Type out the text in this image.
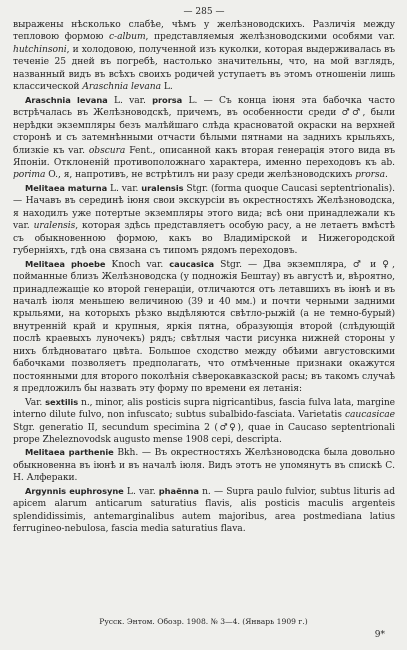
— 285 —

выражены нѣсколько слабѣе, чѣмъ у желѣзноводскихъ. Различія между тепловою формою c-album, представляемыя желѣзноводскими особями var. hutchinsoni, и холодовою, полученной изъ куколки, которая выдерживалась въ теченіе 25 дней въ погребѣ, настолько значительны, что, на мой взглядъ, названный видъ въ всѣхъ своихъ родичей уступаетъ въ этомъ отношеніи лишь классической Araschnia levana L.

Araschnia levana L. var. prorsa L. — Съ конца іюня эта бабочка часто встрѣчалась въ Желѣзноводскѣ, причемъ, въ особенности среди ♂♂, были нерѣдки экземпляры безъ малѣйшаго слѣда красноватой окраски на верхней сторонѣ и съ затемнѣнными отчасти бѣлыми пятнами на заднихъ крыльяхъ, близкіе къ var. obscura Fent., описанной какъ вторая генерація этого вида въ Японіи. Отклоненій противоположнаго характера, именно переходовъ къ ab. porima O., я, напротивъ, не встрѣтилъ ни разу среди желѣзноводскихъ prorsa.

Melitaea maturna L. var. uralensis Stgr. (forma quoque Caucasi septentrionalis). — Начавъ въ серединѣ іюня свои экскурсіи въ окрестностяхъ Желѣзноводска, я находилъ уже потертые экземпляры этого вида; всѣ они принадлежали къ var. uralensis, которая здѣсь представляетъ особую расу, а не летаетъ вмѣстѣ съ обыкновенною формою, какъ во Владимірской и Нижегородской губерніяхъ, гдѣ она связана съ типомъ рядомъ переходовъ.

Melitaea phoebe Knoch var. caucasica Stgr. — Два экземпляра, ♂ и ♀, пойманные близъ Желѣзноводска (у подножія Бештау) въ августѣ и, вѣроятно, принадлежащіе ко второй генераціи, отличаются отъ летавшихъ въ іюнѣ и въ началѣ іюля меньшею величиною (39 и 40 мм.) и почти черными задними крыльями, на которыхъ рѣзко выдѣляются свѣтло-рыжій (а не темно-бурый) внутренній край и крупныя, яркія пятна, образующія второй (слѣдующій послѣ краевыхъ луночекъ) рядъ; свѣтлыя части рисунка нижней стороны у нихъ блѣдноватаго цвѣта. Большое сходство между обѣими августовскими бабочками позволяетъ предполагать, что отмѣченные признаки окажутся постоянными для второго поколѣнія сѣверокавказской расы; въ такомъ случаѣ я предложилъ бы назвать эту форму по времени ея летанія:

Var. sextilis n., minor, alis posticis supra nigricantibus, fascia fulva lata, margine interno dilute fulvo, non infuscato; subtus subalbido-fasciata. Varietatis caucasicae Stgr. generatio II, secundum specimina 2 (♂♀), quae in Caucaso septentrionali prope Zheleznovodsk augusto mense 1908 cepi, descripta.

Melitaea parthenie Bkh. — Въ окрестностяхъ Желѣзноводска была довольно обыкновенна въ іюнѣ и въ началѣ іюля. Видъ этотъ не упомянутъ въ спискѣ С. Н. Алфераки.

Argynnis euphrosyne L. var. phaënna n. — Supra paulo fulvior, subtus lituris ad apicem alarum anticarum saturatius flavis, alis posticis maculis argenteis splendidissimis, antemarginalibus autem majoribus, area postmediana latius ferrugineo-nebulosa, fascia media saturatius flava.

Русск. Энтом. Обозр. 1908. № 3—4. (Январь 1909 г.)
9*
